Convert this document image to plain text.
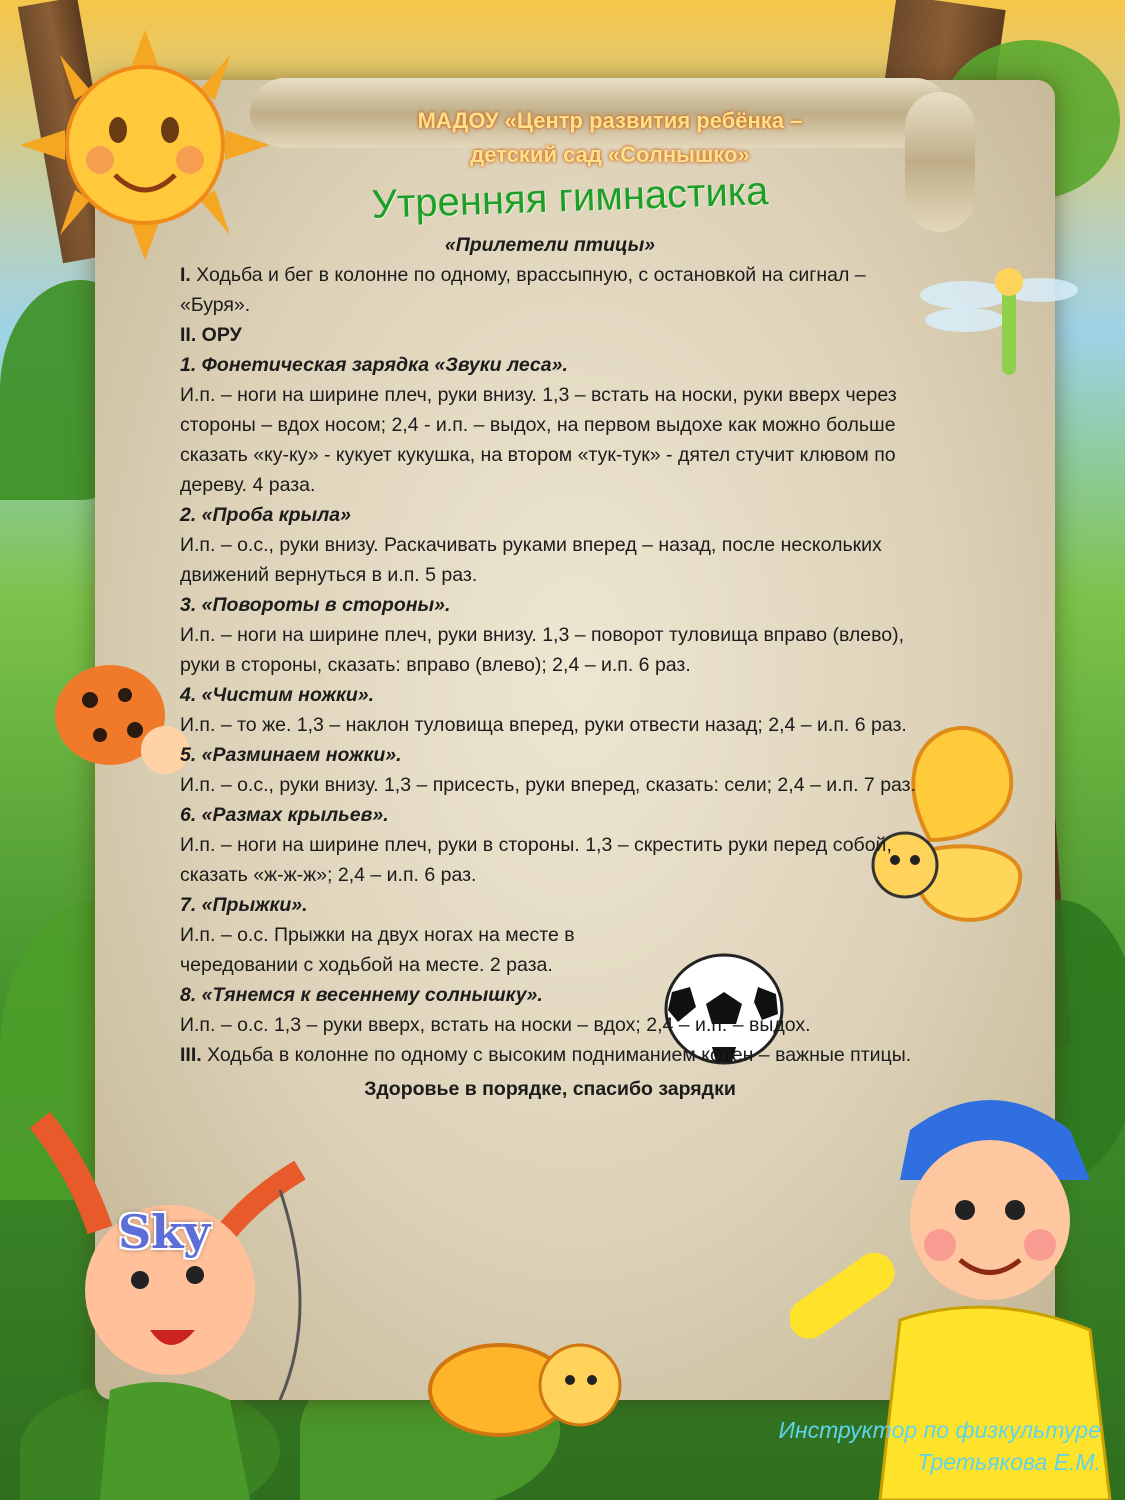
Sky
МАДОУ «Центр развития ребёнка –
детский сад «Солнышко»
Утренняя гимнастика

«Прилетели птицы»

I. Ходьба и бег в колонне по одному, врассыпную, с остановкой на сигнал – «Буря».

II. ОРУ

1. Фонетическая зарядка «Звуки леса».

И.п. – ноги на ширине плеч, руки внизу. 1,3 – встать на носки, руки вверх через стороны – вдох носом; 2,4 - и.п. – выдох, на первом выдохе как можно больше сказать «ку-ку» - кукует кукушка, на втором «тук-тук» - дятел стучит клювом по дереву. 4 раза.

2. «Проба крыла»

И.п. – о.с., руки внизу. Раскачивать руками вперед – назад, после нескольких движений вернуться в и.п. 5 раз.

3. «Повороты в стороны».

И.п. – ноги на ширине плеч, руки внизу. 1,3 – поворот туловища вправо (влево), руки в стороны, сказать: вправо (влево); 2,4 – и.п. 6 раз.

4. «Чистим ножки».

И.п. – то же. 1,3 – наклон туловища вперед, руки отвести назад; 2,4 – и.п. 6 раз.

5. «Разминаем ножки».

И.п. – о.с., руки внизу. 1,3 – присесть, руки вперед, сказать: сели; 2,4 – и.п. 7 раз.

6. «Размах крыльев».

И.п. – ноги на ширине плеч, руки в стороны. 1,3 – скрестить руки перед собой, сказать «ж-ж-ж»; 2,4 – и.п. 6 раз.

7. «Прыжки».

И.п. – о.с. Прыжки на двух ногах на месте в
чередовании с ходьбой на месте. 2 раза.

8. «Тянемся к весеннему солнышку».

И.п. – о.с. 1,3 – руки вверх, встать на носки – вдох; 2,4 – и.п. – выдох.

III. Ходьба в колонне по одному с высоким подниманием колен – важные птицы.

Здоровье в порядке, спасибо зарядки

Инструктор по физкультуре
Третьякова Е.М.
